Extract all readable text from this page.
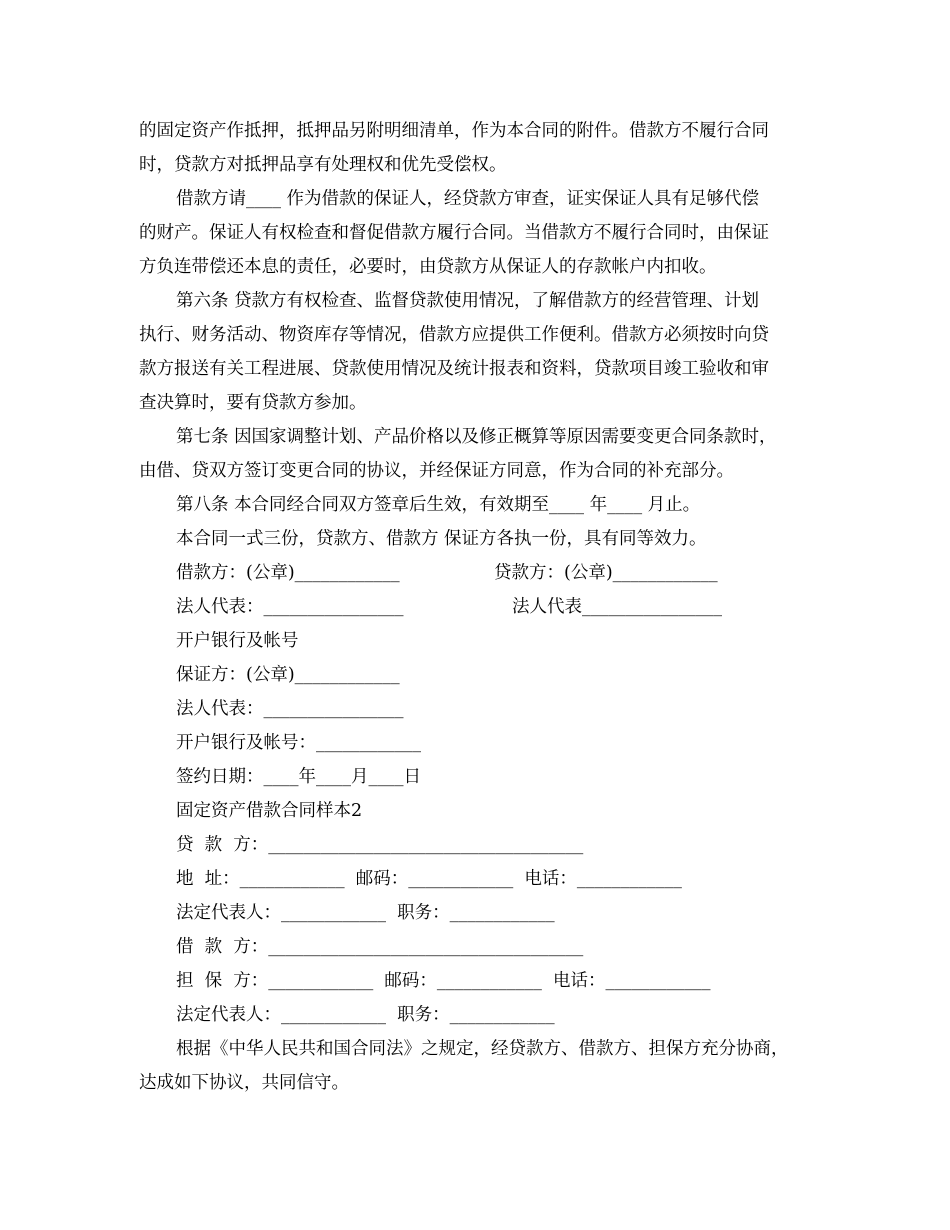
的固定资产作抵押，抵押品另附明细清单，作为本合同的附件。借款方不履行合同
时，贷款方对抵押品享有处理权和优先受偿权。
借款方请____ 作为借款的保证人，经贷款方审查，证实保证人具有足够代偿
的财产。保证人有权检查和督促借款方履行合同。当借款方不履行合同时，由保证
方负连带偿还本息的责任，必要时，由贷款方从保证人的存款帐户内扣收。
第六条 贷款方有权检查、监督贷款使用情况，了解借款方的经营管理、计划
执行、财务活动、物资库存等情况，借款方应提供工作便利。借款方必须按时向贷
款方报送有关工程进展、贷款使用情况及统计报表和资料，贷款项目竣工验收和审
查决算时，要有贷款方参加。
第七条 因国家调整计划、产品价格以及修正概算等原因需要变更合同条款时，
由借、贷双方签订变更合同的协议，并经保证方同意，作为合同的补充部分。
第八条 本合同经合同双方签章后生效，有效期至____ 年____ 月止。
本合同一式三份，贷款方、借款方 保证方各执一份，具有同等效力。
借款方：(公章)____________	贷款方：(公章)____________
法人代表：________________	法人代表________________
开户银行及帐号
保证方：(公章)____________
法人代表：________________
开户银行及帐号：____________
签约日期：____年____月____日
固定资产借款合同样本2
贷  款  方：____________________________________
地  址：____________  邮码：____________  电话：____________
法定代表人：____________  职务：____________
借  款  方：____________________________________
担  保  方：____________  邮码：____________  电话：____________
法定代表人：____________  职务：____________
根据《中华人民共和国合同法》之规定，经贷款方、借款方、担保方充分协商，
达成如下协议，共同信守。
